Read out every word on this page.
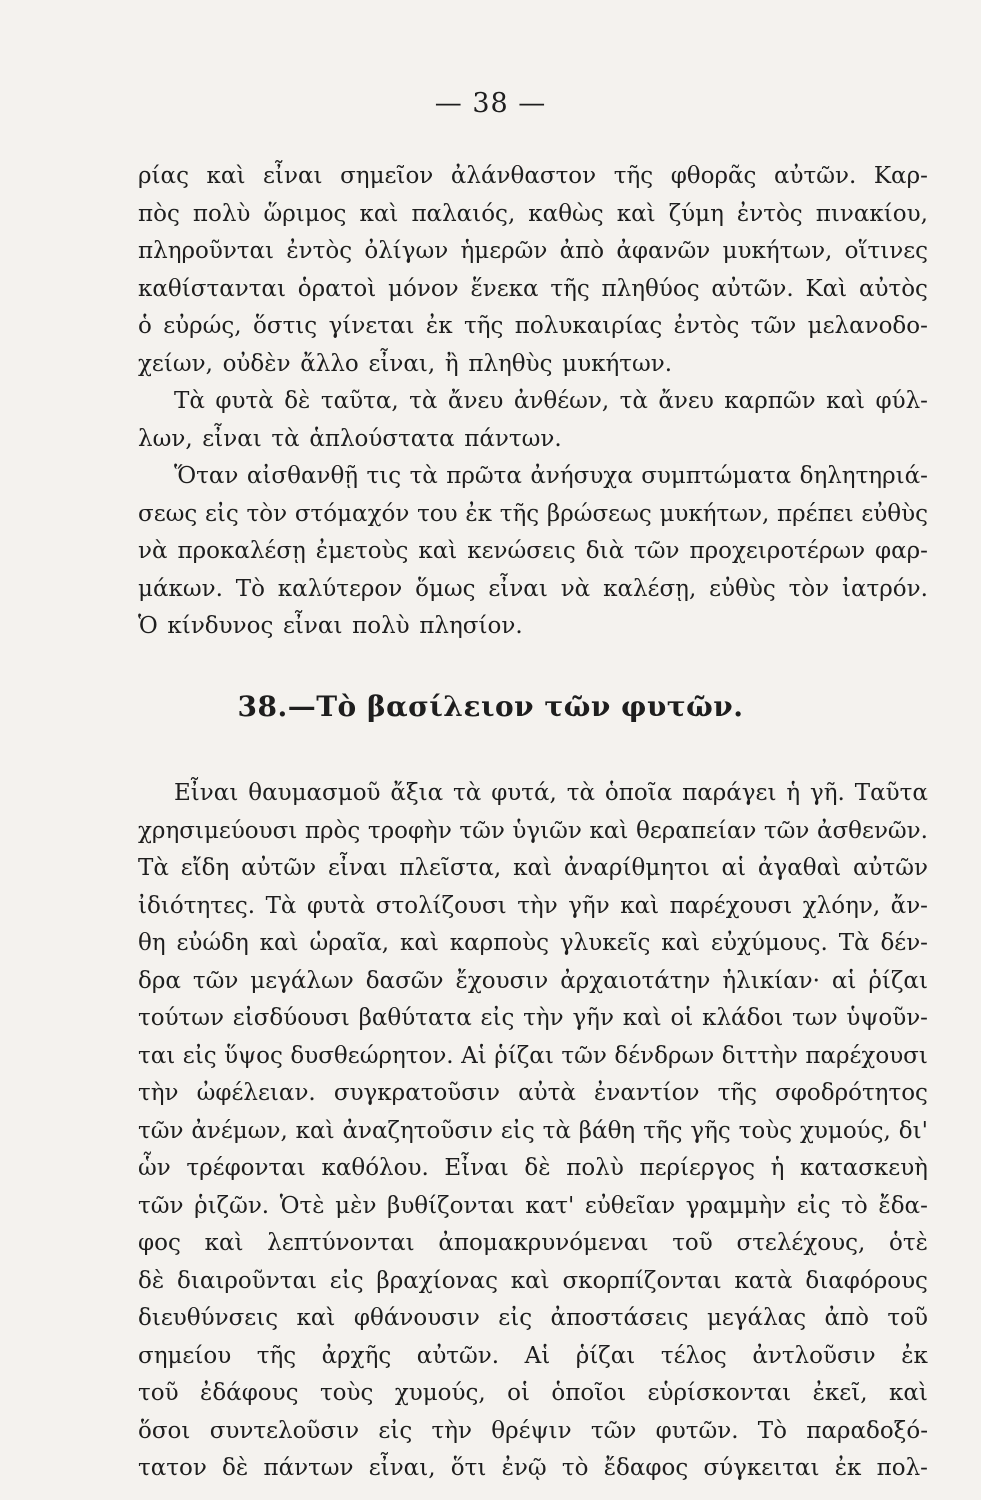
— 38 —
ρίας καὶ εἶναι σημεῖον ἀλάνθαστον τῆς φθορᾶς αὐτῶν. Καρ-
πὸς πολὺ ὥριμος καὶ παλαιός, καθὼς καὶ ζύμη ἐντὸς πινακίου,
πληροῦνται ἐντὸς ὀλίγων ἡμερῶν ἀπὸ ἀφανῶν μυκήτων, οἵτινες
καθίστανται ὁρατοὶ μόνον ἕνεκα τῆς πληθύος αὐτῶν. Καὶ αὐτὸς
ὁ εὐρώς, ὅστις γίνεται ἐκ τῆς πολυκαιρίας ἐντὸς τῶν μελανοδο-
χείων, οὐδὲν ἄλλο εἶναι, ἢ πληθὺς μυκήτων.
Τὰ φυτὰ δὲ ταῦτα, τὰ ἄνευ ἀνθέων, τὰ ἄνευ καρπῶν καὶ φύλ-
λων, εἶναι τὰ ἁπλούστατα πάντων.
Ὅταν αἰσθανθῇ τις τὰ πρῶτα ἀνήσυχα συμπτώματα δηλητηριά-
σεως εἰς τὸν στόμαχόν του ἐκ τῆς βρώσεως μυκήτων, πρέπει εὐθὺς
νὰ προκαλέσῃ ἐμετοὺς καὶ κενώσεις διὰ τῶν προχειροτέρων φαρ-
μάκων. Τὸ καλύτερον ὅμως εἶναι νὰ καλέσῃ, εὐθὺς τὸν ἰατρόν.
Ὁ κίνδυνος εἶναι πολὺ πλησίον.
38.—Τὸ βασίλειον τῶν φυτῶν.
Εἶναι θαυμασμοῦ ἄξια τὰ φυτά, τὰ ὁποῖα παράγει ἡ γῆ. Ταῦτα
χρησιμεύουσι πρὸς τροφὴν τῶν ὑγιῶν καὶ θεραπείαν τῶν ἀσθενῶν.
Τὰ εἴδη αὐτῶν εἶναι πλεῖστα, καὶ ἀναρίθμητοι αἱ ἀγαθαὶ αὐτῶν
ἰδιότητες. Τὰ φυτὰ στολίζουσι τὴν γῆν καὶ παρέχουσι χλόην, ἄν-
θη εὐώδη καὶ ὡραῖα, καὶ καρποὺς γλυκεῖς καὶ εὐχύμους. Τὰ δέν-
δρα τῶν μεγάλων δασῶν ἔχουσιν ἀρχαιοτάτην ἡλικίαν· αἱ ῥίζαι
τούτων εἰσδύουσι βαθύτατα εἰς τὴν γῆν καὶ οἱ κλάδοι των ὑψοῦν-
ται εἰς ὕψος δυσθεώρητον. Αἱ ῥίζαι τῶν δένδρων διττὴν παρέχουσι
τὴν ὠφέλειαν. συγκρατοῦσιν αὐτὰ ἐναντίον τῆς σφοδρότητος
τῶν ἀνέμων, καὶ ἀναζητοῦσιν εἰς τὰ βάθη τῆς γῆς τοὺς χυμούς, δι'
ὧν τρέφονται καθόλου. Εἶναι δὲ πολὺ περίεργος ἡ κατασκευὴ
τῶν ῥιζῶν. Ὁτὲ μὲν βυθίζονται κατ' εὐθεῖαν γραμμὴν εἰς τὸ ἔδα-
φος καὶ λεπτύνονται ἀπομακρυνόμεναι τοῦ στελέχους, ὁτὲ
δὲ διαιροῦνται εἰς βραχίονας καὶ σκορπίζονται κατὰ διαφόρους
διευθύνσεις καὶ φθάνουσιν εἰς ἀποστάσεις μεγάλας ἀπὸ τοῦ
σημείου τῆς ἀρχῆς αὐτῶν. Αἱ ῥίζαι τέλος ἀντλοῦσιν ἐκ
τοῦ ἐδάφους τοὺς χυμούς, οἱ ὁποῖοι εὑρίσκονται ἐκεῖ, καὶ
ὅσοι συντελοῦσιν εἰς τὴν θρέψιν τῶν φυτῶν. Τὸ παραδοξό-
τατον δὲ πάντων εἶναι, ὅτι ἐνῷ τὸ ἔδαφος σύγκειται ἐκ πολ-
